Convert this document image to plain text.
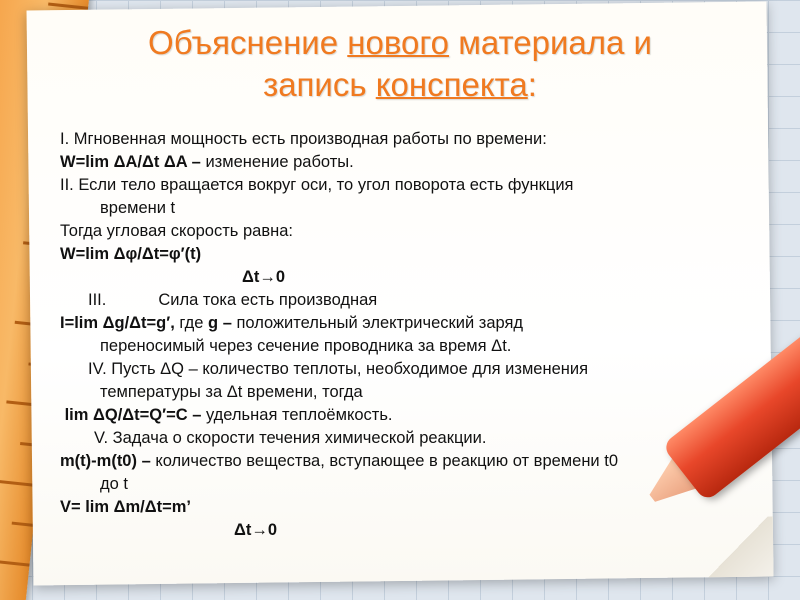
Объяснение нового материала и
запись конспекта:
I. Мгновенная мощность есть производная работы по времени:
W=lim ΔA/Δt ΔA – изменение работы.
II. Если тело вращается вокруг оси, то угол поворота есть функция
времени t
Тогда угловая скорость равна:
W=lim Δφ/Δt=φ′(t)
Δt→0
III.	Сила тока есть производная
I=lim Δg/Δt=g′, где g – положительный электрический заряд
переносимый через сечение проводника за время Δt.
IV. Пусть ΔQ – количество теплоты, необходимое для изменения
температуры за Δt времени, тогда
lim ΔQ/Δt=Q′=C – удельная теплоёмкость.
V. Задача о скорости течения химической реакции.
m(t)-m(t0) – количество вещества, вступающее в реакцию от времени t0
до t
V= lim Δm/Δt=m’
Δt→0
